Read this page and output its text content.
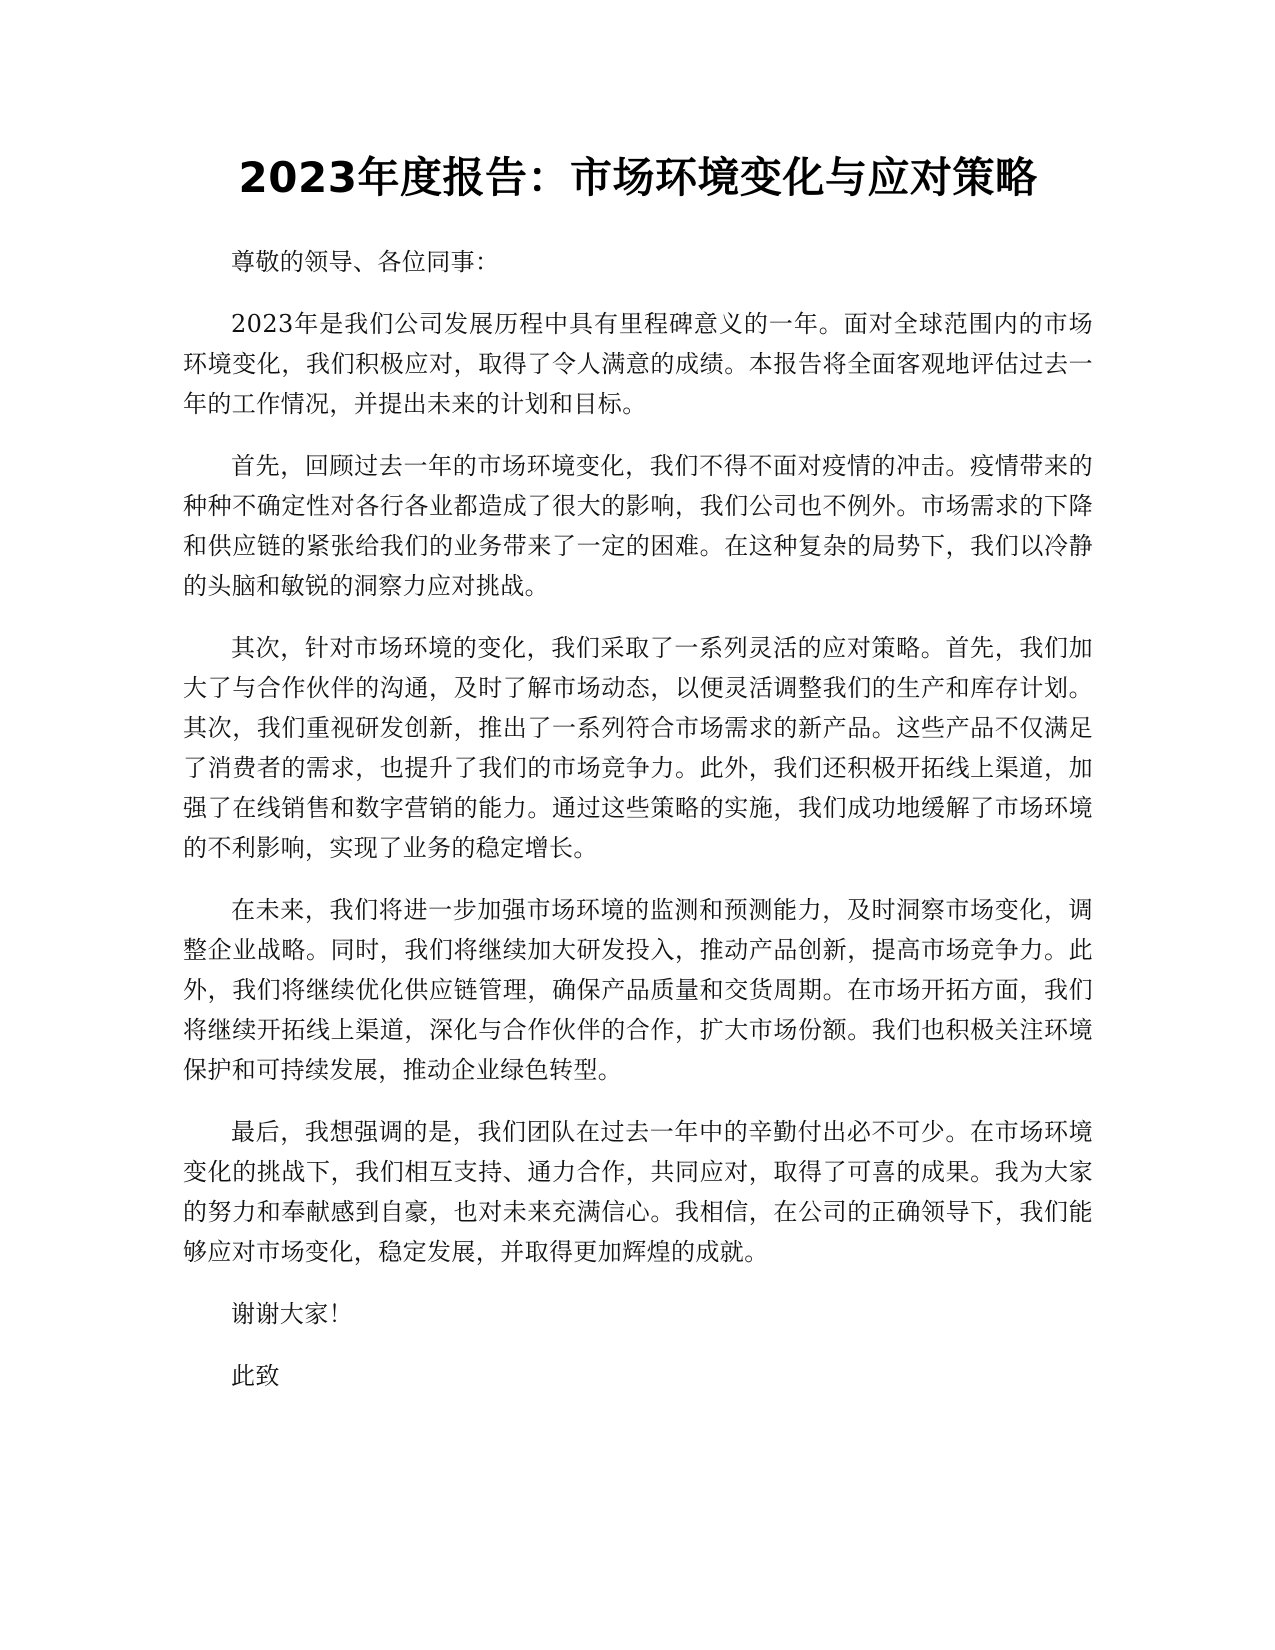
2023年度报告：市场环境变化与应对策略

尊敬的领导、各位同事：

2023年是我们公司发展历程中具有里程碑意义的一年。面对全球范围内的市场环境变化，我们积极应对，取得了令人满意的成绩。本报告将全面客观地评估过去一年的工作情况，并提出未来的计划和目标。

首先，回顾过去一年的市场环境变化，我们不得不面对疫情的冲击。疫情带来的种种不确定性对各行各业都造成了很大的影响，我们公司也不例外。市场需求的下降和供应链的紧张给我们的业务带来了一定的困难。在这种复杂的局势下，我们以冷静的头脑和敏锐的洞察力应对挑战。

其次，针对市场环境的变化，我们采取了一系列灵活的应对策略。首先，我们加大了与合作伙伴的沟通，及时了解市场动态，以便灵活调整我们的生产和库存计划。其次，我们重视研发创新，推出了一系列符合市场需求的新产品。这些产品不仅满足了消费者的需求，也提升了我们的市场竞争力。此外，我们还积极开拓线上渠道，加强了在线销售和数字营销的能力。通过这些策略的实施，我们成功地缓解了市场环境的不利影响，实现了业务的稳定增长。

在未来，我们将进一步加强市场环境的监测和预测能力，及时洞察市场变化，调整企业战略。同时，我们将继续加大研发投入，推动产品创新，提高市场竞争力。此外，我们将继续优化供应链管理，确保产品质量和交货周期。在市场开拓方面，我们将继续开拓线上渠道，深化与合作伙伴的合作，扩大市场份额。我们也积极关注环境保护和可持续发展，推动企业绿色转型。

最后，我想强调的是，我们团队在过去一年中的辛勤付出必不可少。在市场环境变化的挑战下，我们相互支持、通力合作，共同应对，取得了可喜的成果。我为大家的努力和奉献感到自豪，也对未来充满信心。我相信，在公司的正确领导下，我们能够应对市场变化，稳定发展，并取得更加辉煌的成就。

谢谢大家！

此致
